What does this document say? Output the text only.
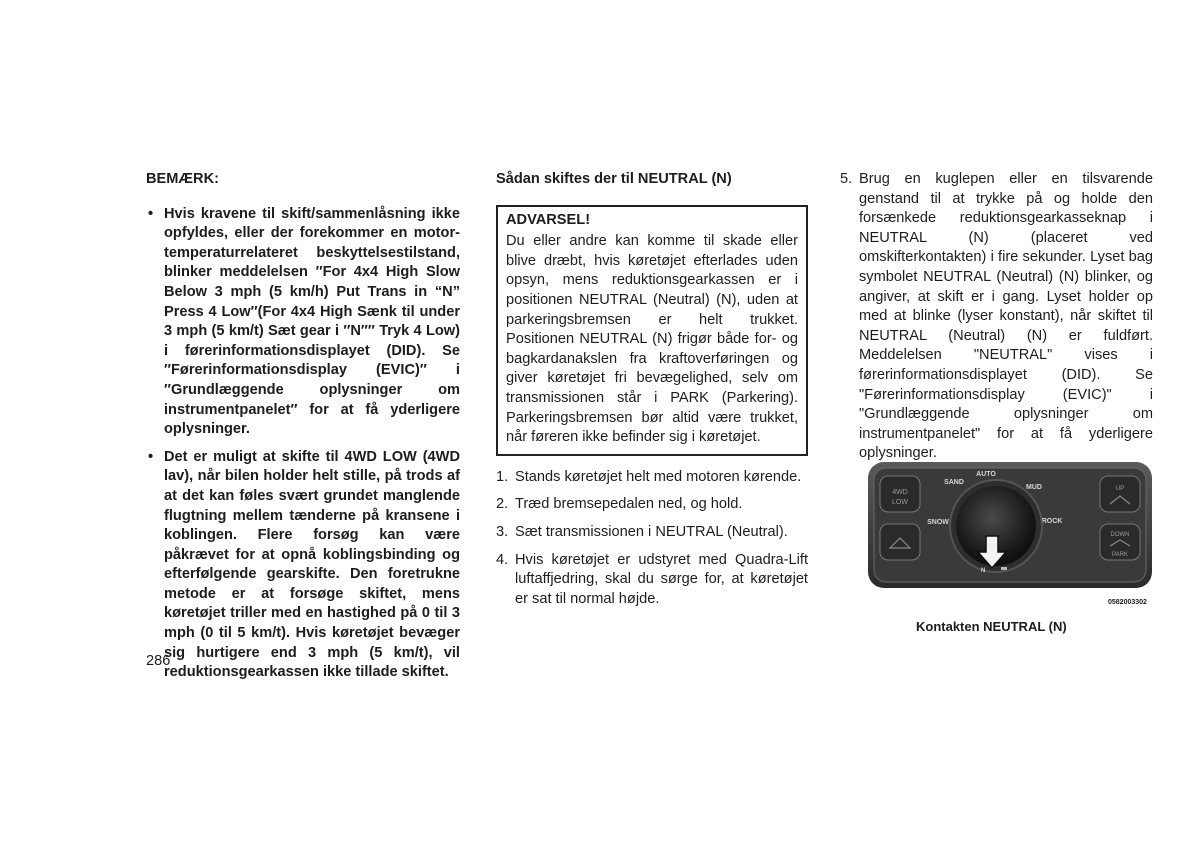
BEMÆRK:

• Hvis kravene til skift/sammenlåsning ikke opfyldes, eller der forekommer en motor-temperaturrelateret beskyttelsestilstand, blinker meddelelsen ″For 4x4 High Slow Below 3 mph (5 km/h) Put Trans in “N” Press 4 Low″(For 4x4 High Sænk til under 3 mph (5 km/t) Sæt gear i ″N″″ Tryk 4 Low) i førerinformationsdisplayet (DID). Se ″Førerinformationsdisplay (EVIC)″ i ″Grundlæggende oplysninger om instrumentpanelet″ for at få yderligere oplysninger.
• Det er muligt at skifte til 4WD LOW (4WD lav), når bilen holder helt stille, på trods af at det kan føles svært grundet manglende flugtning mellem tænderne på kransene i koblingen. Flere forsøg kan være påkrævet for at opnå koblingsbinding og efterfølgende gearskifte. Den foretrukne metode er at forsøge skiftet, mens køretøjet triller med en hastighed på 0 til 3 mph (0 til 5 km/t). Hvis køretøjet bevæger sig hurtigere end 3 mph (5 km/t), vil reduktionsgearkassen ikke tillade skiftet.

Sådan skiftes der til NEUTRAL (N)

ADVARSEL!
Du eller andre kan komme til skade eller blive dræbt, hvis køretøjet efterlades uden opsyn, mens reduktionsgearkassen er i positionen NEUTRAL (Neutral) (N), uden at parkeringsbremsen er helt trukket. Positionen NEUTRAL (N) frigør både for- og bagkardanakslen fra kraftoverføringen og giver køretøjet fri bevægelighed, selv om transmissionen står i PARK (Parkering). Parkeringsbremsen bør altid være trukket, når føreren ikke befinder sig i køretøjet.
1. Stands køretøjet helt med motoren kørende.
2. Træd bremsepedalen ned, og hold.
3. Sæt transmissionen i NEUTRAL (Neutral).
4. Hvis køretøjet er udstyret med Quadra-Lift luftaffjedring, skal du sørge for, at køretøjet er sat til normal højde.
5. Brug en kuglepen eller en tilsvarende genstand til at trykke på og holde den forsænkede reduktionsgearkasseknap i NEUTRAL (N) (placeret ved omskifterkontakten) i fire sekunder. Lyset bag symbolet NEUTRAL (Neutral) (N) blinker, og angiver, at skift er i gang. Lyset holder op med at blinke (lyser konstant), når skiftet til NEUTRAL (Neutral) (N) er fuldført. Meddelelsen "NEUTRAL" vises i førerinformationsdisplayet (DID). Se "Førerinformationsdisplay (EVIC)" i "Grundlæggende oplysninger om instrumentpanelet" for at få yderligere oplysninger.
4WD
LOW
UP
DOWN
PARK
AUTO
SAND
MUD
SNOW	ROCK
N
0582003302
Kontakten NEUTRAL (N)
286
